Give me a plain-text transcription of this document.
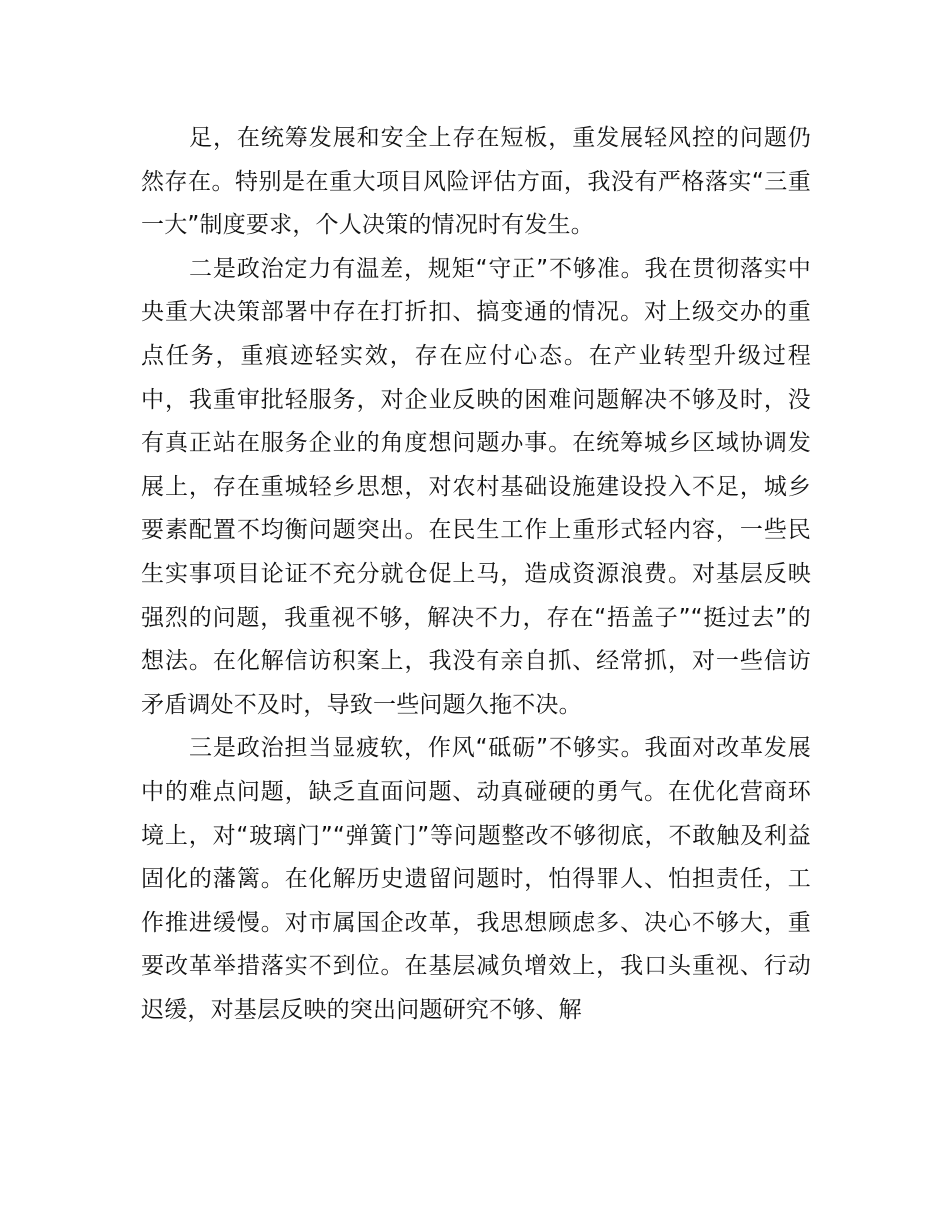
足，在统筹发展和安全上存在短板，重发展轻风控的问题仍然存在。特别是在重大项目风险评估方面，我没有严格落实“三重一大”制度要求，个人决策的情况时有发生。

二是政治定力有温差，规矩“守正”不够准。我在贯彻落实中央重大决策部署中存在打折扣、搞变通的情况。对上级交办的重点任务，重痕迹轻实效，存在应付心态。在产业转型升级过程中，我重审批轻服务，对企业反映的困难问题解决不够及时，没有真正站在服务企业的角度想问题办事。在统筹城乡区域协调发展上，存在重城轻乡思想，对农村基础设施建设投入不足，城乡要素配置不均衡问题突出。在民生工作上重形式轻内容，一些民生实事项目论证不充分就仓促上马，造成资源浪费。对基层反映强烈的问题，我重视不够，解决不力，存在“捂盖子”“挺过去”的想法。在化解信访积案上，我没有亲自抓、经常抓，对一些信访矛盾调处不及时，导致一些问题久拖不决。

三是政治担当显疲软，作风“砥砺”不够实。我面对改革发展中的难点问题，缺乏直面问题、动真碰硬的勇气。在优化营商环境上，对“玻璃门”“弹簧门”等问题整改不够彻底，不敢触及利益固化的藩篱。在化解历史遗留问题时，怕得罪人、怕担责任，工作推进缓慢。对市属国企改革，我思想顾虑多、决心不够大，重要改革举措落实不到位。在基层减负增效上，我口头重视、行动迟缓，对基层反映的突出问题研究不够、解
